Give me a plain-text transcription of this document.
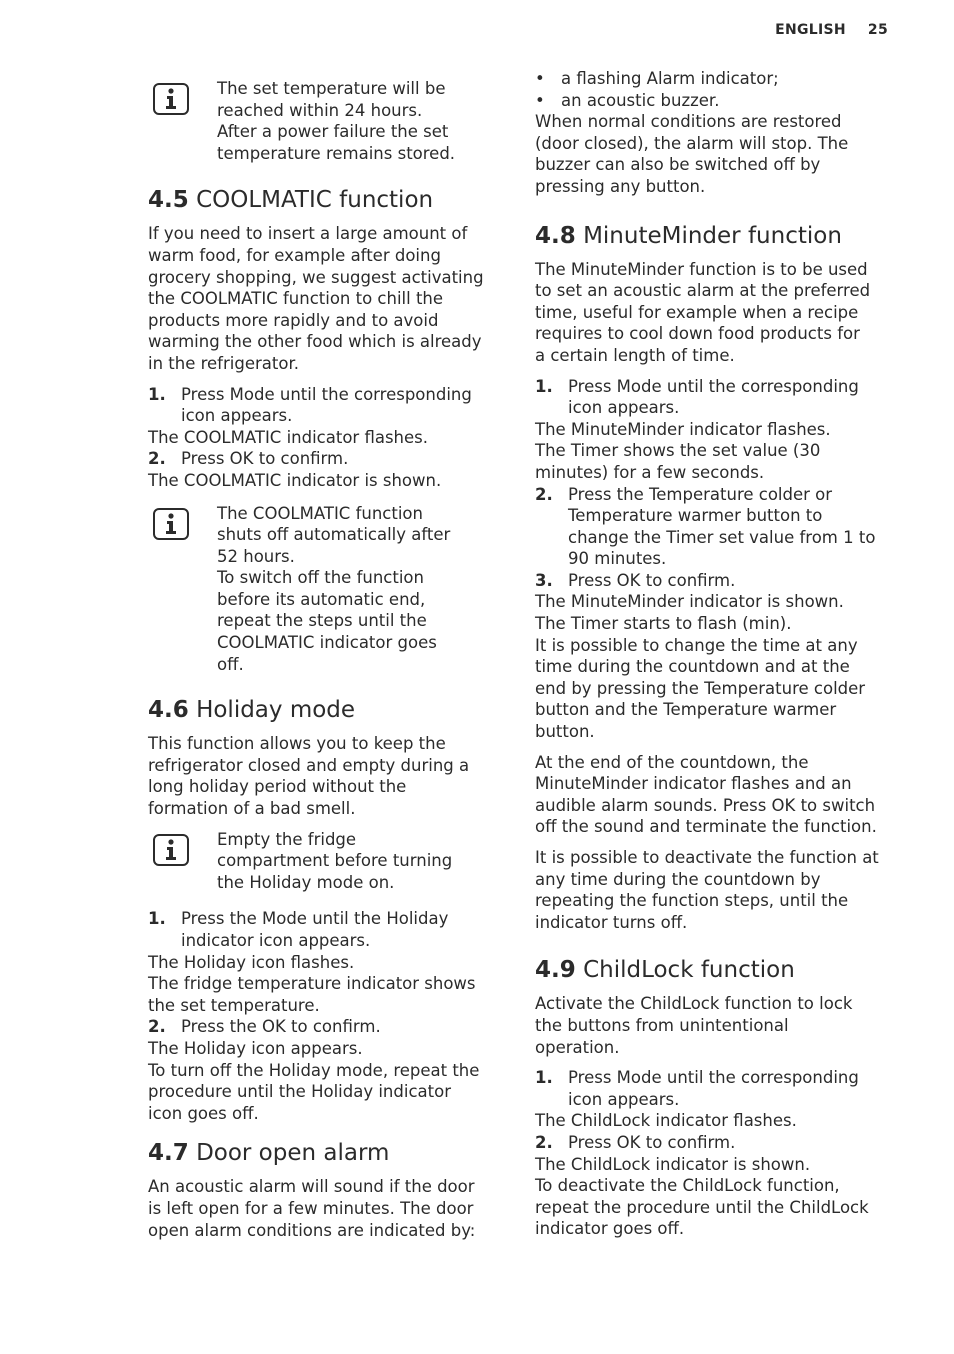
ENGLISH 25

The set temperature will be

reached within 24 hours.

After a power failure the set

temperature remains stored.

4.5 COOLMATIC function

If you need to insert a large amount of

warm food, for example after doing

grocery shopping, we suggest activating

the COOLMATIC function to chill the

products more rapidly and to avoid

warming the other food which is already

in the refrigerator.

1. Press Mode until the corresponding

icon appears.

The COOLMATIC indicator flashes.

2. Press OK to confirm.

The COOLMATIC indicator is shown.

The COOLMATIC function

shuts off automatically after

52 hours.

To switch off the function

before its automatic end,

repeat the steps until the

COOLMATIC indicator goes

off.

4.6 Holiday mode

This function allows you to keep the

refrigerator closed and empty during a

long holiday period without the

formation of a bad smell.

Empty the fridge

compartment before turning

the Holiday mode on.

1. Press the Mode until the Holiday

indicator icon appears.

The Holiday icon flashes.

The fridge temperature indicator shows

the set temperature.

2. Press the OK to confirm.

The Holiday icon appears.

To turn off the Holiday mode, repeat the

procedure until the Holiday indicator

icon goes off.

4.7 Door open alarm

An acoustic alarm will sound if the door

is left open for a few minutes. The door

open alarm conditions are indicated by:

• a flashing Alarm indicator;

• an acoustic buzzer.

When normal conditions are restored

(door closed), the alarm will stop. The

buzzer can also be switched off by

pressing any button.

4.8 MinuteMinder function

The MinuteMinder function is to be used

to set an acoustic alarm at the preferred

time, useful for example when a recipe

requires to cool down food products for

a certain length of time.

1. Press Mode until the corresponding

icon appears.

The MinuteMinder indicator flashes.

The Timer shows the set value (30

minutes) for a few seconds.

2. Press the Temperature colder or

Temperature warmer button to

change the Timer set value from 1 to

90 minutes.

3. Press OK to confirm.

The MinuteMinder indicator is shown.

The Timer starts to flash (min).

It is possible to change the time at any

time during the countdown and at the

end by pressing the Temperature colder

button and the Temperature warmer

button.

At the end of the countdown, the

MinuteMinder indicator flashes and an

audible alarm sounds. Press OK to switch

off the sound and terminate the function.

It is possible to deactivate the function at

any time during the countdown by

repeating the function steps, until the

indicator turns off.

4.9 ChildLock function

Activate the ChildLock function to lock

the buttons from unintentional

operation.

1. Press Mode until the corresponding

icon appears.

The ChildLock indicator flashes.

2. Press OK to confirm.

The ChildLock indicator is shown.

To deactivate the ChildLock function,

repeat the procedure until the ChildLock

indicator goes off.
